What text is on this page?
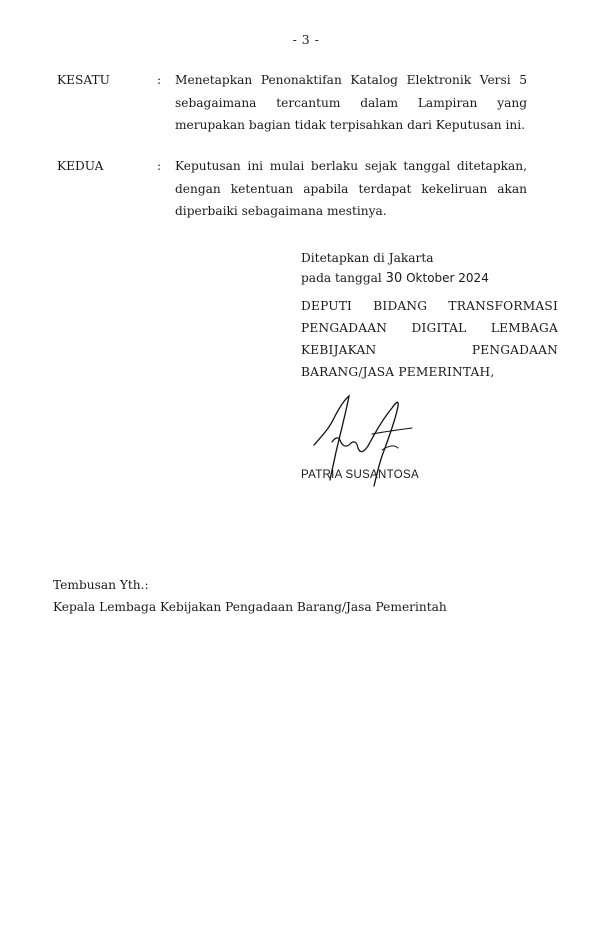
- 3 -
KESATU	: Menetapkan Penonaktifan Katalog Elektronik Versi 5 sebagaimana tercantum dalam Lampiran yang merupakan bagian tidak terpisahkan dari Keputusan ini.
KEDUA	: Keputusan ini mulai berlaku sejak tanggal ditetapkan, dengan ketentuan apabila terdapat kekeliruan akan diperbaiki sebagaimana mestinya.
Ditetapkan di Jakarta
pada tanggal 30 Oktober 2024
DEPUTI BIDANG TRANSFORMASI
PENGADAAN DIGITAL LEMBAGA
KEBIJAKAN PENGADAAN
BARANG/JASA PEMERINTAH,
PATRIA SUSANTOSA
Tembusan Yth.:
Kepala Lembaga Kebijakan Pengadaan Barang/Jasa Pemerintah
